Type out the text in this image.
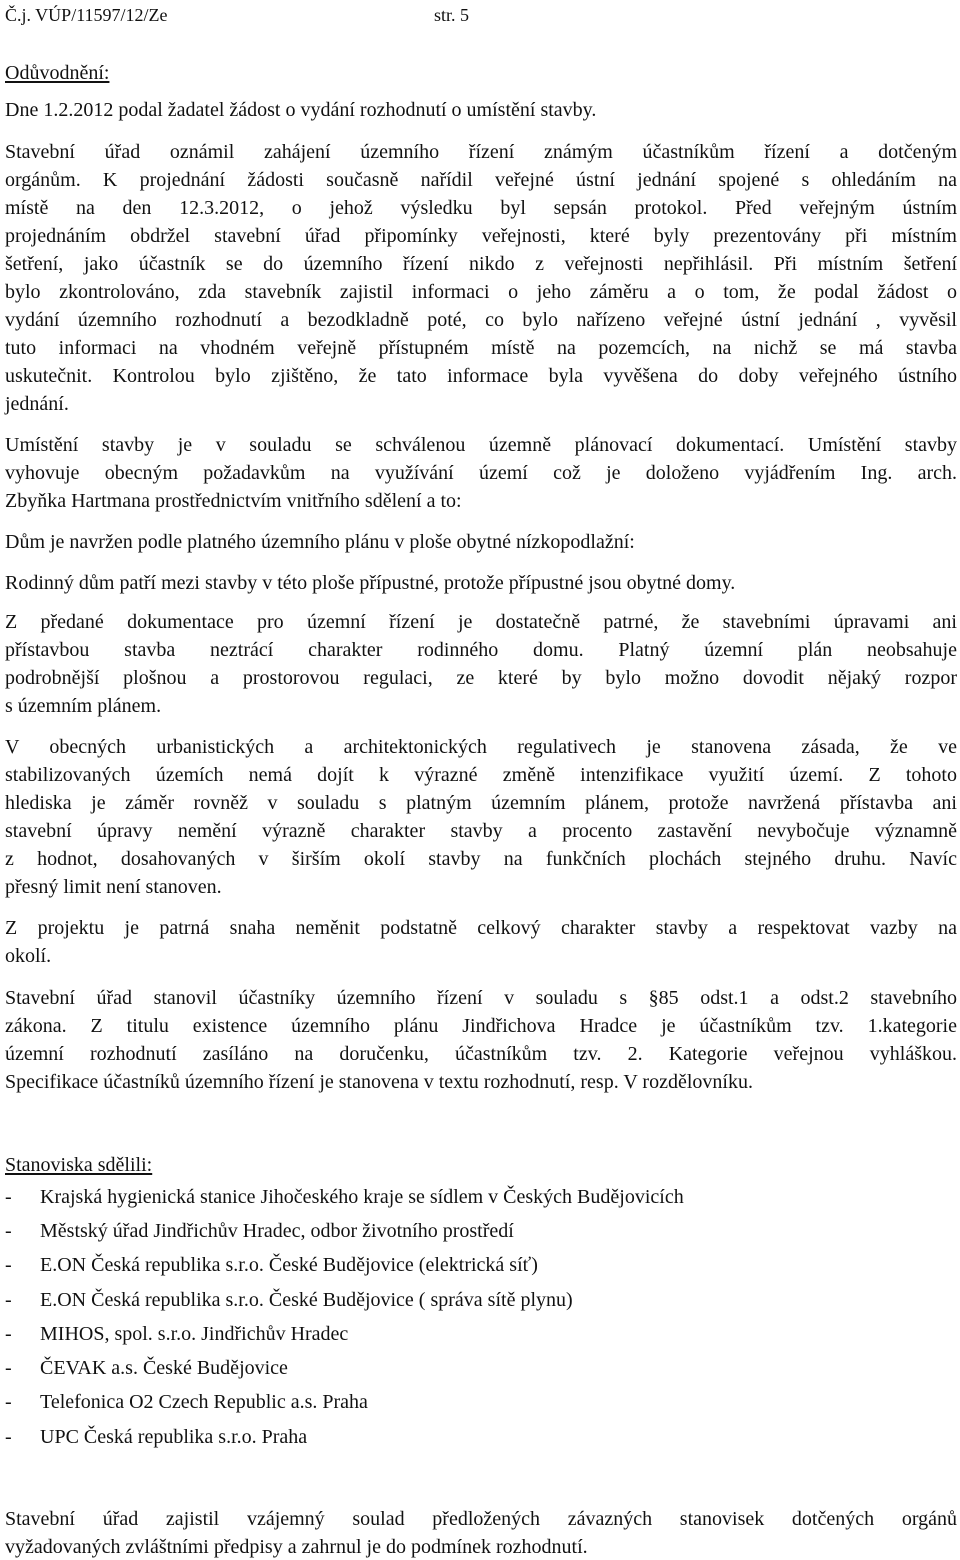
Č.j. VÚP/11597/12/Ze	str. 5
Odůvodnění:
Dne 1.2.2012 podal žadatel žádost o vydání rozhodnutí o umístění stavby.
Stavební úřad oznámil zahájení územního řízení známým účastníkům řízení a dotčeným
orgánům. K projednání žádosti současně nařídil veřejné ústní jednání spojené s ohledáním na
místě na den 12.3.2012, o jehož výsledku byl sepsán protokol. Před veřejným ústním
projednáním obdržel stavební úřad připomínky veřejnosti, které byly prezentovány při místním
šetření, jako účastník se do územního řízení nikdo z veřejnosti nepřihlásil. Při místním šetření
bylo zkontrolováno, zda stavebník zajistil informaci o jeho záměru a o tom, že podal žádost o
vydání územního rozhodnutí a bezodkladně poté, co bylo nařízeno veřejné ústní jednání , vyvěsil
tuto informaci na vhodném veřejně přístupném místě na pozemcích, na nichž se má stavba
uskutečnit. Kontrolou bylo zjištěno, že tato informace byla vyvěšena do doby veřejného ústního
jednání.
Umístění stavby je v souladu se schválenou územně plánovací dokumentací. Umístění stavby
vyhovuje obecným požadavkům na využívání území což je doloženo vyjádřením Ing. arch.
Zbyňka Hartmana prostřednictvím vnitřního sdělení a to:
Dům je navržen podle platného územního plánu v ploše obytné nízkopodlažní:
Rodinný dům patří mezi stavby v této ploše přípustné, protože přípustné jsou obytné domy.
Z předané dokumentace pro územní řízení je dostatečně patrné, že stavebními úpravami ani
přístavbou stavba neztrácí charakter rodinného domu. Platný územní plán neobsahuje
podrobnější plošnou a prostorovou regulaci, ze které by bylo možno dovodit nějaký rozpor
s územním plánem.
V obecných urbanistických a architektonických regulativech je stanovena zásada, že ve
stabilizovaných územích nemá dojít k výrazné změně intenzifikace využití území. Z tohoto
hlediska je záměr rovněž v souladu s platným územním plánem, protože navržená přístavba ani
stavební úpravy nemění výrazně charakter stavby a procento zastavění nevybočuje významně
z hodnot, dosahovaných v širším okolí stavby na funkčních plochách stejného druhu. Navíc
přesný limit není stanoven.
Z projektu je patrná snaha neměnit podstatně celkový charakter stavby a respektovat vazby na
okolí.
Stavební úřad stanovil účastníky územního řízení v souladu s §85 odst.1 a odst.2 stavebního
zákona. Z titulu existence územního plánu Jindřichova Hradce je účastníkům tzv. 1.kategorie
územní rozhodnutí zasíláno na doručenku, účastníkům tzv. 2. Kategorie veřejnou vyhláškou.
Specifikace účastníků územního řízení je stanovena v textu rozhodnutí, resp. V rozdělovníku.
Stanoviska sdělili:
- Krajská hygienická stanice Jihočeského kraje se sídlem v Českých Budějovicích
- Městský úřad Jindřichův Hradec, odbor životního prostředí
- E.ON Česká republika s.r.o. České Budějovice (elektrická síť)
- E.ON Česká republika s.r.o. České Budějovice ( správa sítě plynu)
- MIHOS, spol. s.r.o. Jindřichův Hradec
- ČEVAK a.s. České Budějovice
- Telefonica O2 Czech Republic a.s. Praha
- UPC Česká republika s.r.o. Praha
Stavební úřad zajistil vzájemný soulad předložených závazných stanovisek dotčených orgánů
vyžadovaných zvláštními předpisy a zahrnul je do podmínek rozhodnutí.
